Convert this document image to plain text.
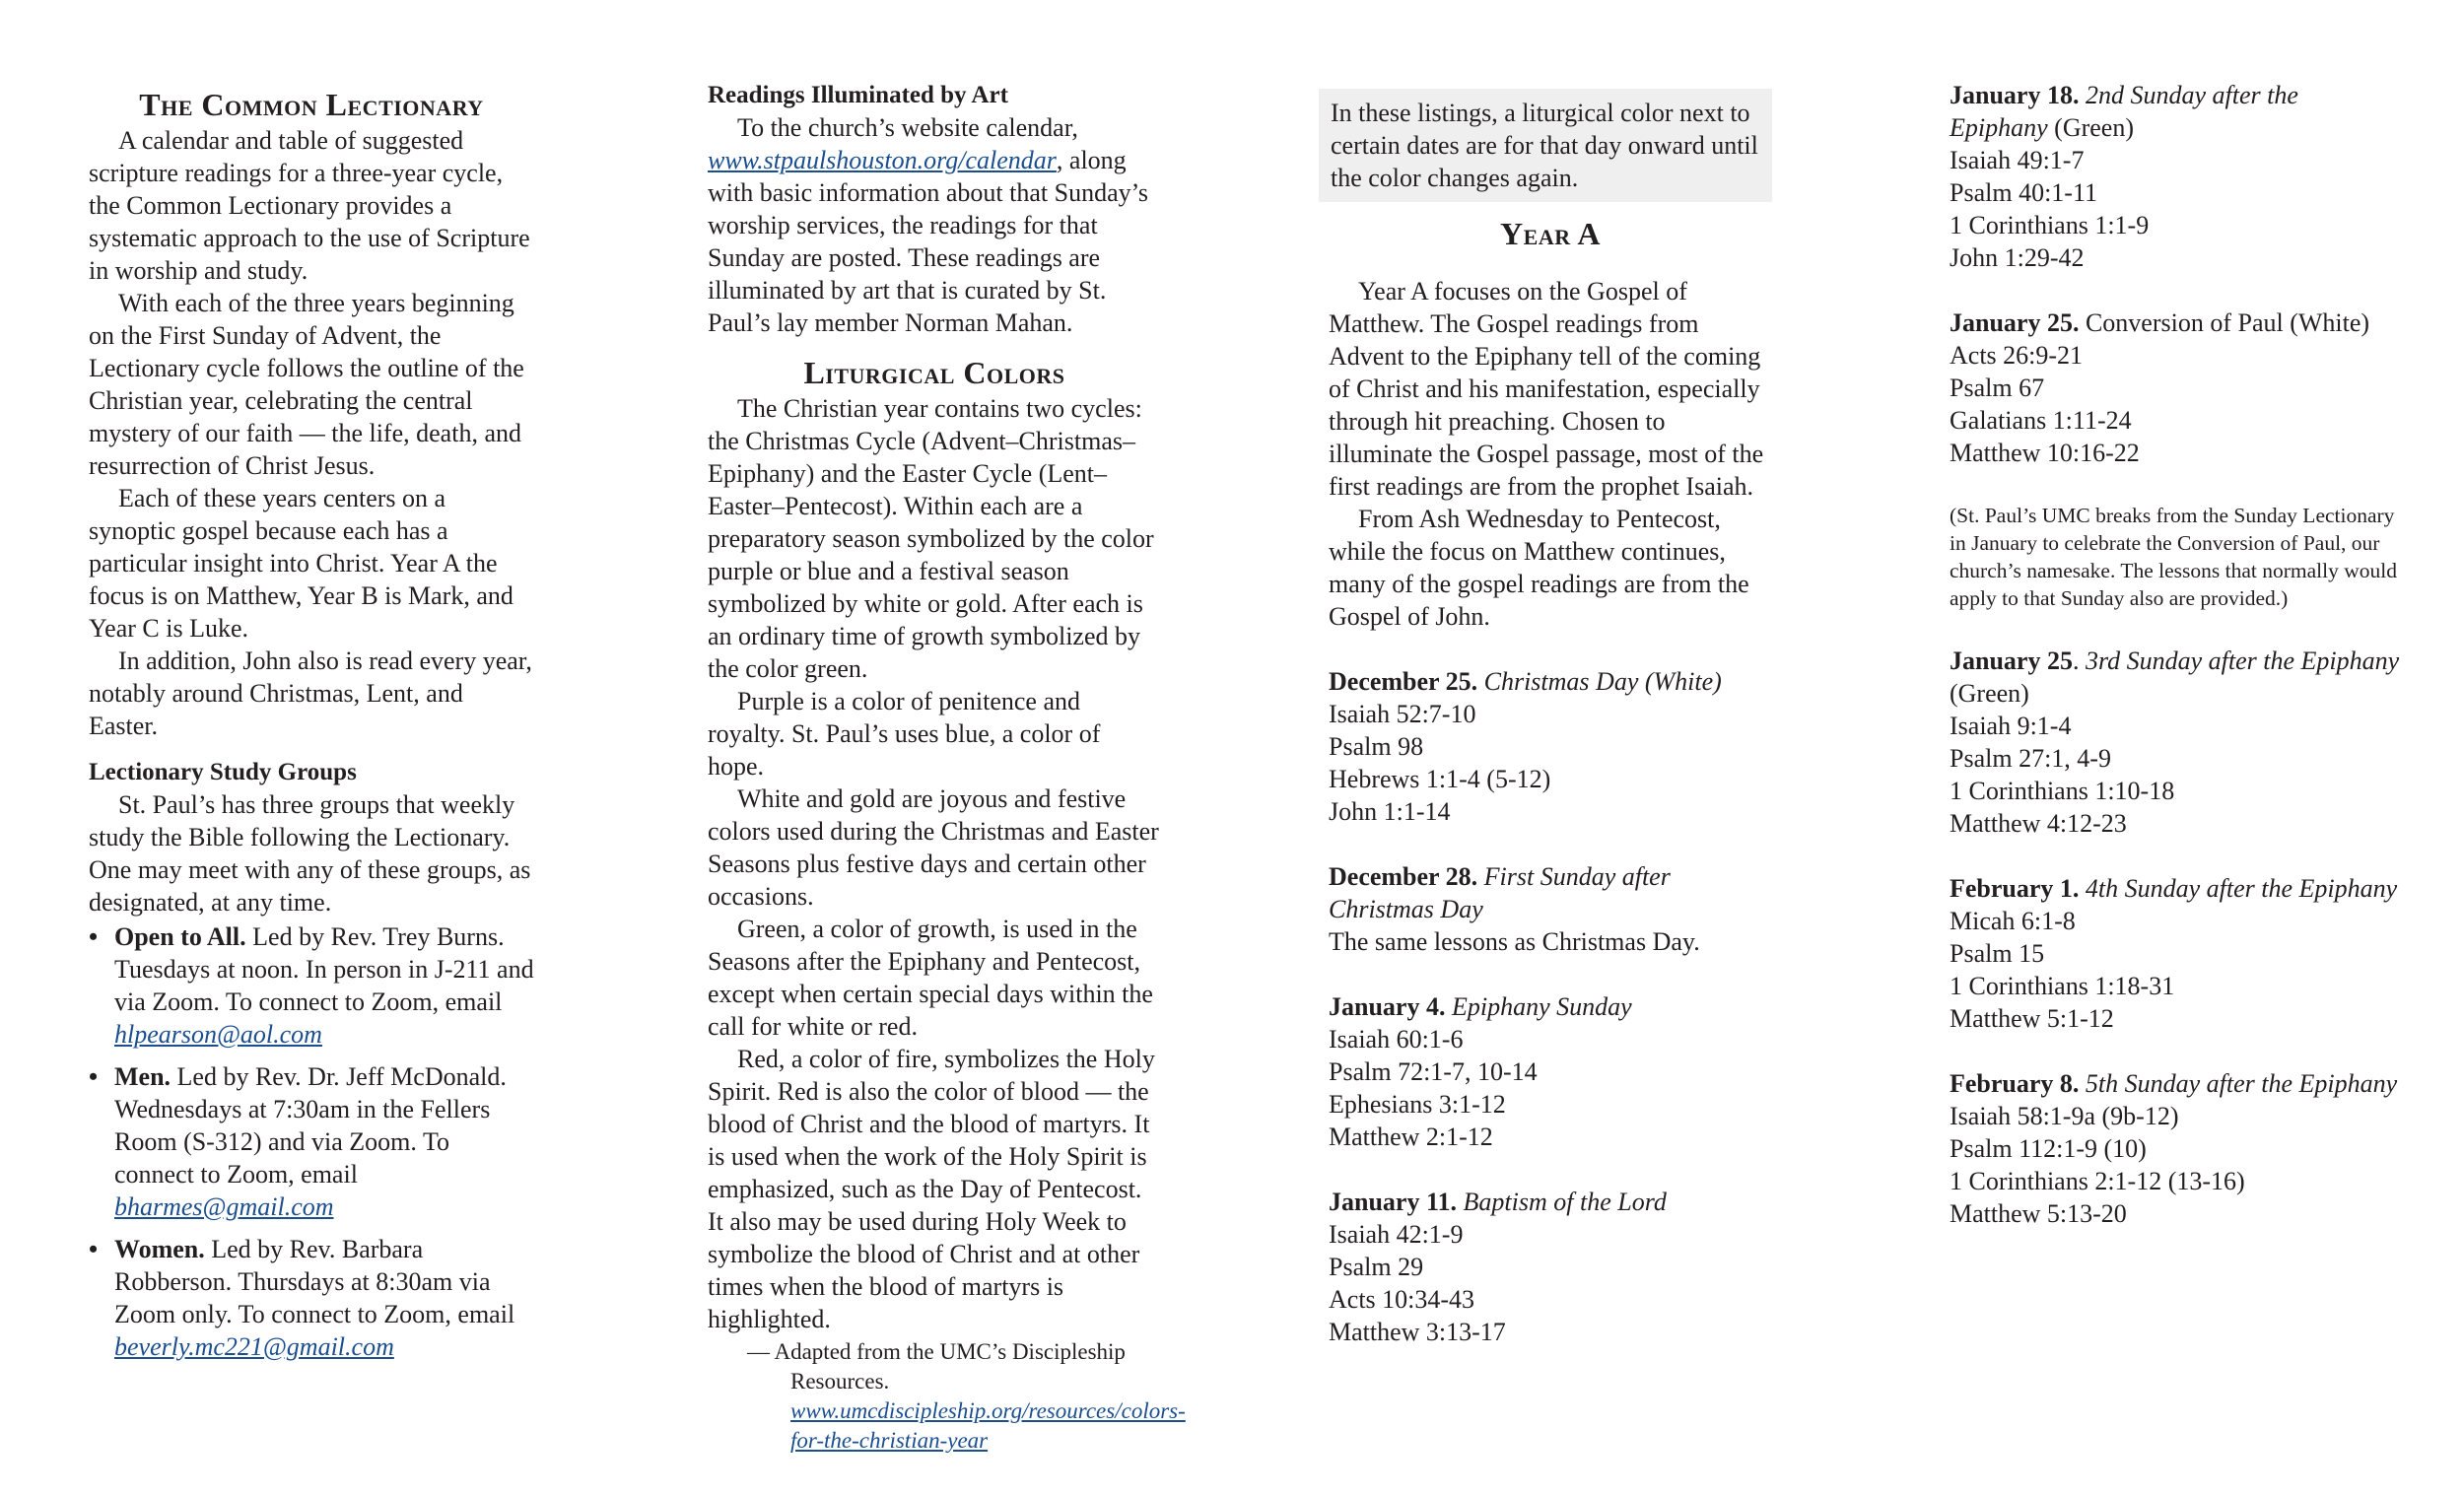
The Common Lectionary

A calendar and table of suggested scripture readings for a three-year cycle, the Common Lectionary provides a systematic approach to the use of Scripture in worship and study.

With each of the three years beginning on the First Sunday of Advent, the Lectionary cycle follows the outline of the Christian year, celebrating the central mystery of our faith — the life, death, and resurrection of Christ Jesus.

Each of these years centers on a synoptic gospel because each has a particular insight into Christ. Year A the focus is on Matthew, Year B is Mark, and Year C is Luke.

In addition, John also is read every year, notably around Christmas, Lent, and Easter.

Lectionary Study Groups

St. Paul’s has three groups that weekly study the Bible following the Lectionary. One may meet with any of these groups, as designated, at any time.

• Open to All. Led by Rev. Trey Burns. Tuesdays at noon. In person in J-211 and via Zoom. To connect to Zoom, email hlpearson@aol.com
• Men. Led by Rev. Dr. Jeff McDonald. Wednesdays at 7:30am in the Fellers Room (S-312) and via Zoom. To connect to Zoom, email bharmes@gmail.com
• Women. Led by Rev. Barbara Robberson. Thursdays at 8:30am via Zoom only. To connect to Zoom, email beverly.mc221@gmail.com
Readings Illuminated by Art

To the church’s website calendar, www.stpaulshouston.org/calendar, along with basic information about that Sunday’s worship services, the readings for that Sunday are posted. These readings are illuminated by art that is curated by St. Paul’s lay member Norman Mahan.

Liturgical Colors

The Christian year contains two cycles: the Christmas Cycle (Advent–Christmas–Epiphany) and the Easter Cycle (Lent–Easter–Pentecost). Within each are a preparatory season symbolized by the color purple or blue and a festival season symbolized by white or gold. After each is an ordinary time of growth symbolized by the color green.

Purple is a color of penitence and royalty. St. Paul’s uses blue, a color of hope.

White and gold are joyous and festive colors used during the Christmas and Easter Seasons plus festive days and certain other occasions.

Green, a color of growth, is used in the Seasons after the Epiphany and Pentecost, except when certain special days within the call for white or red.

Red, a color of fire, symbolizes the Holy Spirit. Red is also the color of blood — the blood of Christ and the blood of martyrs. It is used when the work of the Holy Spirit is emphasized, such as the Day of Pentecost. It also may be used during Holy Week to symbolize the blood of Christ and at other times when the blood of martyrs is highlighted.

— Adapted from the UMC’s Discipleship Resources. www.umcdiscipleship.org/resources/colors-for-the-christian-year

In these listings, a liturgical color next to certain dates are for that day onward until the color changes again.
Year A

Year A focuses on the Gospel of Matthew. The Gospel readings from Advent to the Epiphany tell of the coming of Christ and his manifestation, especially through hit preaching. Chosen to illuminate the Gospel passage, most of the first readings are from the prophet Isaiah.

From Ash Wednesday to Pentecost, while the focus on Matthew continues, many of the gospel readings are from the Gospel of John.

December 25. Christmas Day (White)
Isaiah 52:7-10
Psalm 98
Hebrews 1:1-4 (5-12)
John 1:1-14
December 28. First Sunday after Christmas Day
The same lessons as Christmas Day.
January 4. Epiphany Sunday
Isaiah 60:1-6
Psalm 72:1-7, 10-14
Ephesians 3:1-12
Matthew 2:1-12
January 11. Baptism of the Lord
Isaiah 42:1-9
Psalm 29
Acts 10:34-43
Matthew 3:13-17
January 18. 2nd Sunday after the Epiphany (Green)
Isaiah 49:1-7
Psalm 40:1-11
1 Corinthians 1:1-9
John 1:29-42
January 25. Conversion of Paul (White)
Acts 26:9-21
Psalm 67
Galatians 1:11-24
Matthew 10:16-22

(St. Paul’s UMC breaks from the Sunday Lectionary in January to celebrate the Conversion of Paul, our church’s namesake. The lessons that normally would apply to that Sunday also are provided.)

January 25. 3rd Sunday after the Epiphany (Green)
Isaiah 9:1-4
Psalm 27:1, 4-9
1 Corinthians 1:10-18
Matthew 4:12-23
February 1. 4th Sunday after the Epiphany
Micah 6:1-8
Psalm 15
1 Corinthians 1:18-31
Matthew 5:1-12
February 8. 5th Sunday after the Epiphany
Isaiah 58:1-9a (9b-12)
Psalm 112:1-9 (10)
1 Corinthians 2:1-12 (13-16)
Matthew 5:13-20
